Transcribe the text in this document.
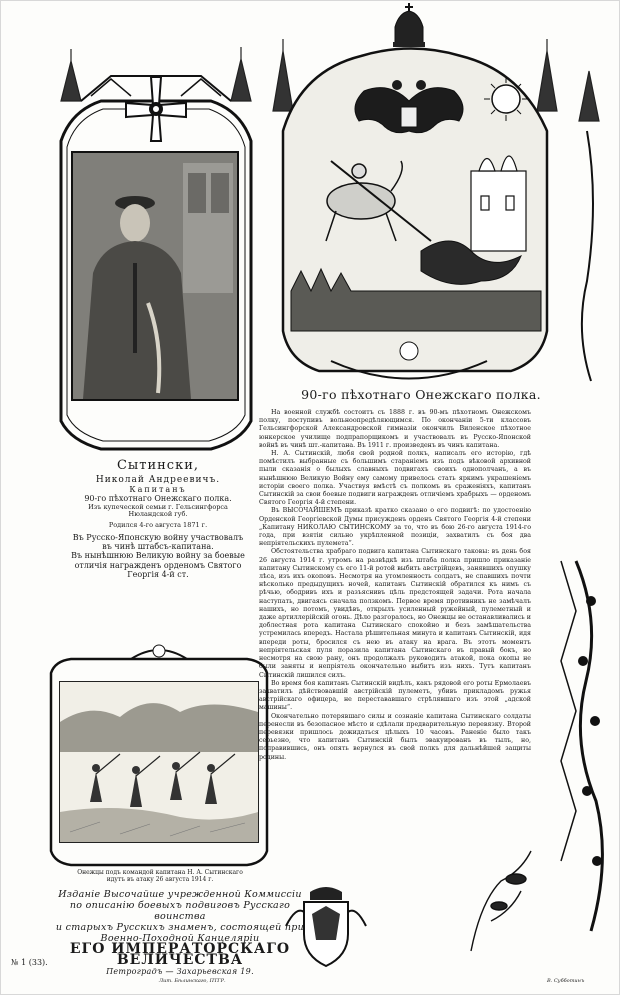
Сытински,
Николай Андреевичъ.
Капитанъ
90-го пѣхотнаго Онежскаго полка.
Изъ купеческой семьи г. Гельсингфорса
Нюландской губ.
Родился 4-го августа 1871 г.
Въ Русско-Японскую войну участвовалъ
въ чинѣ штабсъ-капитана.
Въ нынѣшнюю Великую войну за боевые
отличія награжденъ орденомъ Святого
Георгія 4-й ст.
90-го пѣхотнаго Онежскаго полка.

На военной службѣ состоитъ съ 1888 г. въ 90-мъ пѣхотномъ Онежскомъ полку, поступивъ вольноопредѣляющимся. По окончаніи 5-ти классовъ Гельсингфорской Александровской гимназіи окончилъ Виленское пѣхотное юнкерское училище подпрапорщикомъ и участвовалъ въ Русско-Японской войнѣ въ чинѣ шт.-капитана. Въ 1911 г. произведенъ въ чинъ капитана.

Н. А. Сытинскій, любя свой родной полкъ, написалъ его исторію, гдѣ помѣстилъ выбранные съ большимъ стараніемъ изъ подъ вѣковой архивной пыли сказанія о былыхъ славныхъ подвигахъ своихъ однополчанъ, а въ нынѣшнюю Великую Войну ему самому привелось стать яркимъ украшеніемъ исторіи своего полка. Участвуя вмѣстѣ съ полкомъ въ сраженіяхъ, капитанъ Сытинскій за свои боевые подвиги награжденъ отличіемъ храбрыхъ — орденомъ Святого Георгія 4-й степени.

Въ ВЫСОЧАЙШЕМЪ приказѣ кратко сказано о его подвигѣ: по удостоенію Орденской Георгіевской Думы присужденъ орденъ Святого Георгія 4-й степени „Капитану НИКОЛАЮ СЫТИНСКОМУ за то, что въ бою 26-го августа 1914-го года, при взятіи сильно укрѣпленной позиціи, захватилъ съ боя два непріятельскихъ пулемета“.

Обстоятельства храбраго подвига капитана Сытинскаго таковы: въ день боя 26 августа 1914 г. утромъ на развѣдкѣ изъ штаба полка пришло приказаніе капитану Сытинскому съ его 11-й ротой выбить австрійцевъ, занявшихъ опушку лѣса, изъ ихъ окоповъ. Несмотря на утомленность солдатъ, не спавшихъ почти нѣсколько предыдущихъ ночей, капитанъ Сытинскій обратился къ нимъ съ рѣчью, ободривъ ихъ и разъяснивъ цѣль предстоящей задачи. Рота начала наступать, двигаясь сначала ползкомъ. Первое время противникъ не замѣчалъ нашихъ, но потомъ, увидѣвъ, открылъ усиленный ружейный, пулеметный и даже артиллерійскій огонь. Дѣло разгоралось, но Онежцы не останавливались и доблестная рота капитана Сытинскаго спокойно и безъ замѣшательства устремилась впередъ. Настала рѣшительная минута и капитанъ Сытинскій, идя впереди роты, бросился съ нею въ атаку на врага. Въ этотъ моментъ непріятельская пуля поразила капитана Сытинскаго въ правый бокъ, но несмотря на свою рану, онъ продолжалъ руководить атакой, пока окопы не были заняты и непріятель окончательно выбитъ изъ нихъ. Тутъ капитанъ Сытинскій лишился силъ.

Во время боя капитанъ Сытинскій видѣлъ, какъ рядовой его роты Ермолаевъ захватилъ дѣйствовавшій австрійскій пулеметъ, убивъ прикладомъ ружья австрійскаго офицера, не перестававшаго стрѣлявшаго изъ этой „адской машины“.

Окончательно потерявшаго силы и сознаніе капитана Сытинскаго солдаты перенесли въ безопасное мѣсто и сдѣлали предварительную перевязку. Второй перевязки пришлось дожидаться цѣлыхъ 10 часовъ. Раненіе было такъ серьезно, что капитанъ Сытинскій былъ эвакуированъ въ тылъ, но, поправившись, онъ опять вернулся въ свой полкъ для дальнѣйшей защиты родины.

Онежцы подъ командой капитана Н. А. Сытинскаго идутъ въ атаку 26 августа 1914 г.
Изданіе Высочайше учрежденной Коммиссіи
по описанію боевыхъ подвиговъ Русскаго воинства
и старыхъ Русскихъ знаменъ, состоящей при
Военно-Походной Канцеляріи
ЕГО ИМПЕРАТОРСКАГО ВЕЛИЧЕСТВА
Петроградъ — Захарьевская 19.
№ 1 (33).
Лит. Бѣлинскаго, ПТГР.	В. Субботинъ
